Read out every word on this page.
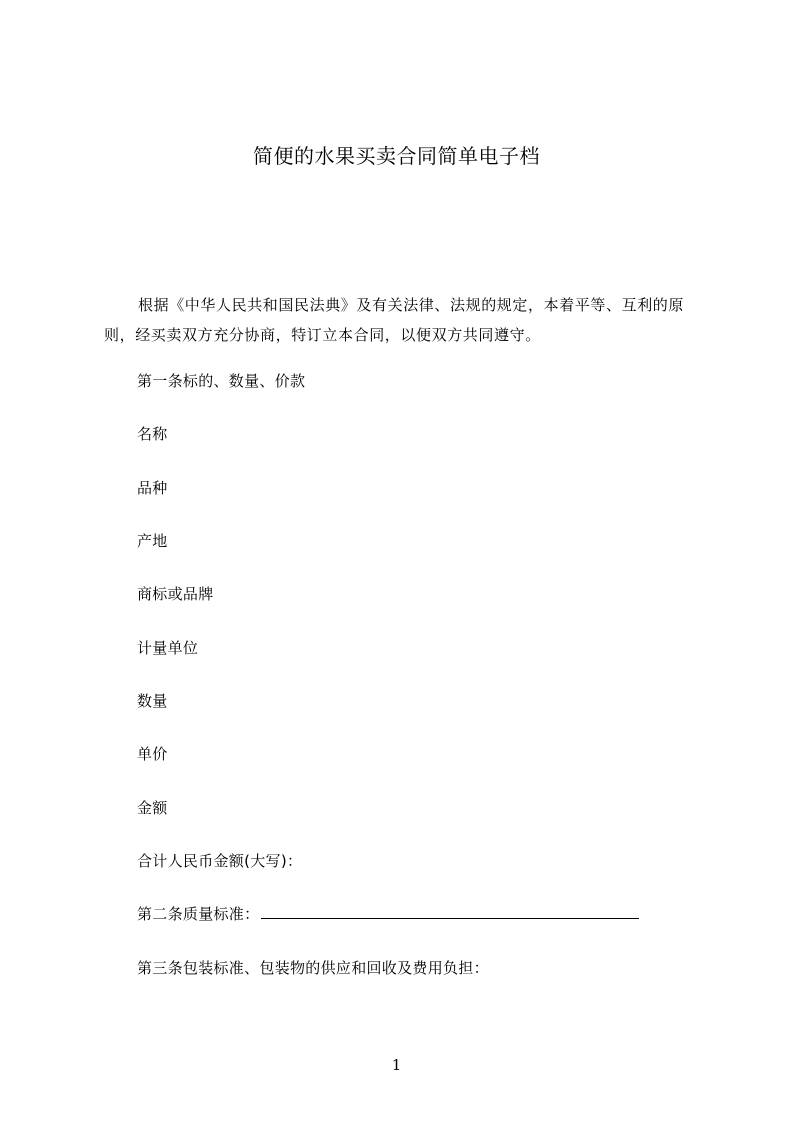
简便的水果买卖合同简单电子档

根据《中华人民共和国民法典》及有关法律、法规的规定，本着平等、互利的原则，经买卖双方充分协商，特订立本合同，以便双方共同遵守。

第一条标的、数量、价款
名称
品种
产地
商标或品牌
计量单位
数量
单价
金额
合计人民币金额(大写)：
第二条质量标准：
第三条包装标准、包装物的供应和回收及费用负担：
1
